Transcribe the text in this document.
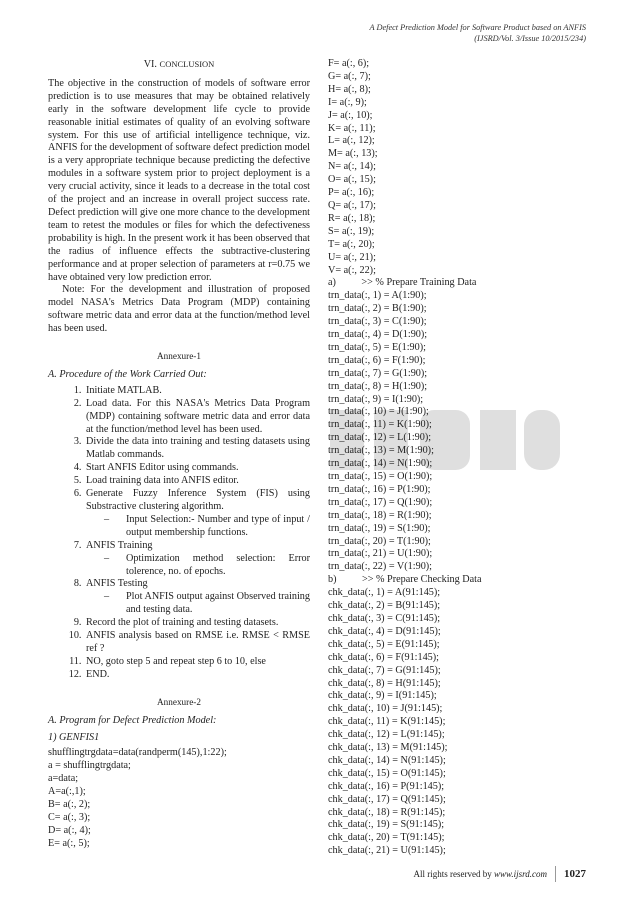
A Defect Prediction Model for Software Product based on ANFIS
(IJSRD/Vol. 3/Issue 10/2015/234)
VI. CONCLUSION

The objective in the construction of models of software error prediction is to use measures that may be obtained relatively early in the software development life cycle to provide reasonable initial estimates of quality of an evolving software system. For this use of artificial intelligence technique, viz. ANFIS for the development of software defect prediction model is a very appropriate technique because predicting the defective modules in a software system prior to project deployment is a very crucial activity, since it leads to a decrease in the total cost of the project and an increase in overall project success rate. Defect prediction will give one more chance to the development team to retest the modules or files for which the defectiveness probability is high. In the present work it has been observed that the radius of influence effects the subtractive-clustering performance and at proper selection of parameters at r=0.75 we have obtained very low prediction error.

Note: For the development and illustration of proposed model NASA's Metrics Data Program (MDP) containing software metric data and error data at the function/method level has been used.

Annexure-1
A. Procedure of the Work Carried Out:
1. Initiate MATLAB.
2. Load data. For this NASA's Metrics Data Program (MDP) containing software metric data and error data at the function/method level has been used.
3. Divide the data into training and testing datasets using Matlab commands.
4. Start ANFIS Editor using commands.
5. Load training data into ANFIS editor.
6. Generate Fuzzy Inference System (FIS) using Substractive clustering algorithm.
– Input Selection:- Number and type of input / output membership functions.
7. ANFIS Training
– Optimization method selection: Error tolerence, no. of epochs.
8. ANFIS Testing
– Plot ANFIS output against Observed training and testing data.
9. Record the plot of training and testing datasets.
10. ANFIS analysis based on RMSE i.e. RMSE < RMSE ref ?
11. NO, goto step 5 and repeat step 6 to 10, else
12. END.
Annexure-2
A. Program for Defect Prediction Model:
1) GENFIS1
shufflingtrgdata=data(randperm(145),1:22);
a = shufflingtrgdata;
a=data;
A=a(:,1);
B= a(:, 2);
C= a(:, 3);
D= a(:, 4);
E= a(:, 5);
F= a(:, 6);
G= a(:, 7);
H= a(:, 8);
I= a(:, 9);
J= a(:, 10);
K= a(:, 11);
L= a(:, 12);
M= a(:, 13);
N= a(:, 14);
O= a(:, 15);
P= a(:, 16);
Q= a(:, 17);
R= a(:, 18);
S= a(:, 19);
T= a(:, 20);
U= a(:, 21);
V= a(:, 22);
a)          >> % Prepare Training Data
trn_data(:, 1) = A(1:90);
trn_data(:, 2) = B(1:90);
trn_data(:, 3) = C(1:90);
trn_data(:, 4) = D(1:90);
trn_data(:, 5) = E(1:90);
trn_data(:, 6) = F(1:90);
trn_data(:, 7) = G(1:90);
trn_data(:, 8) = H(1:90);
trn_data(:, 9) = I(1:90);
trn_data(:, 10) = J(1:90);
trn_data(:, 11) = K(1:90);
trn_data(:, 12) = L(1:90);
trn_data(:, 13) = M(1:90);
trn_data(:, 14) = N(1:90);
trn_data(:, 15) = O(1:90);
trn_data(:, 16) = P(1:90);
trn_data(:, 17) = Q(1:90);
trn_data(:, 18) = R(1:90);
trn_data(:, 19) = S(1:90);
trn_data(:, 20) = T(1:90);
trn_data(:, 21) = U(1:90);
trn_data(:, 22) = V(1:90);
b)          >> % Prepare Checking Data
chk_data(:, 1) = A(91:145);
chk_data(:, 2) = B(91:145);
chk_data(:, 3) = C(91:145);
chk_data(:, 4) = D(91:145);
chk_data(:, 5) = E(91:145);
chk_data(:, 6) = F(91:145);
chk_data(:, 7) = G(91:145);
chk_data(:, 8) = H(91:145);
chk_data(:, 9) = I(91:145);
chk_data(:, 10) = J(91:145);
chk_data(:, 11) = K(91:145);
chk_data(:, 12) = L(91:145);
chk_data(:, 13) = M(91:145);
chk_data(:, 14) = N(91:145);
chk_data(:, 15) = O(91:145);
chk_data(:, 16) = P(91:145);
chk_data(:, 17) = Q(91:145);
chk_data(:, 18) = R(91:145);
chk_data(:, 19) = S(91:145);
chk_data(:, 20) = T(91:145);
chk_data(:, 21) = U(91:145);
All rights reserved by
www.ijsrd.com	1027
